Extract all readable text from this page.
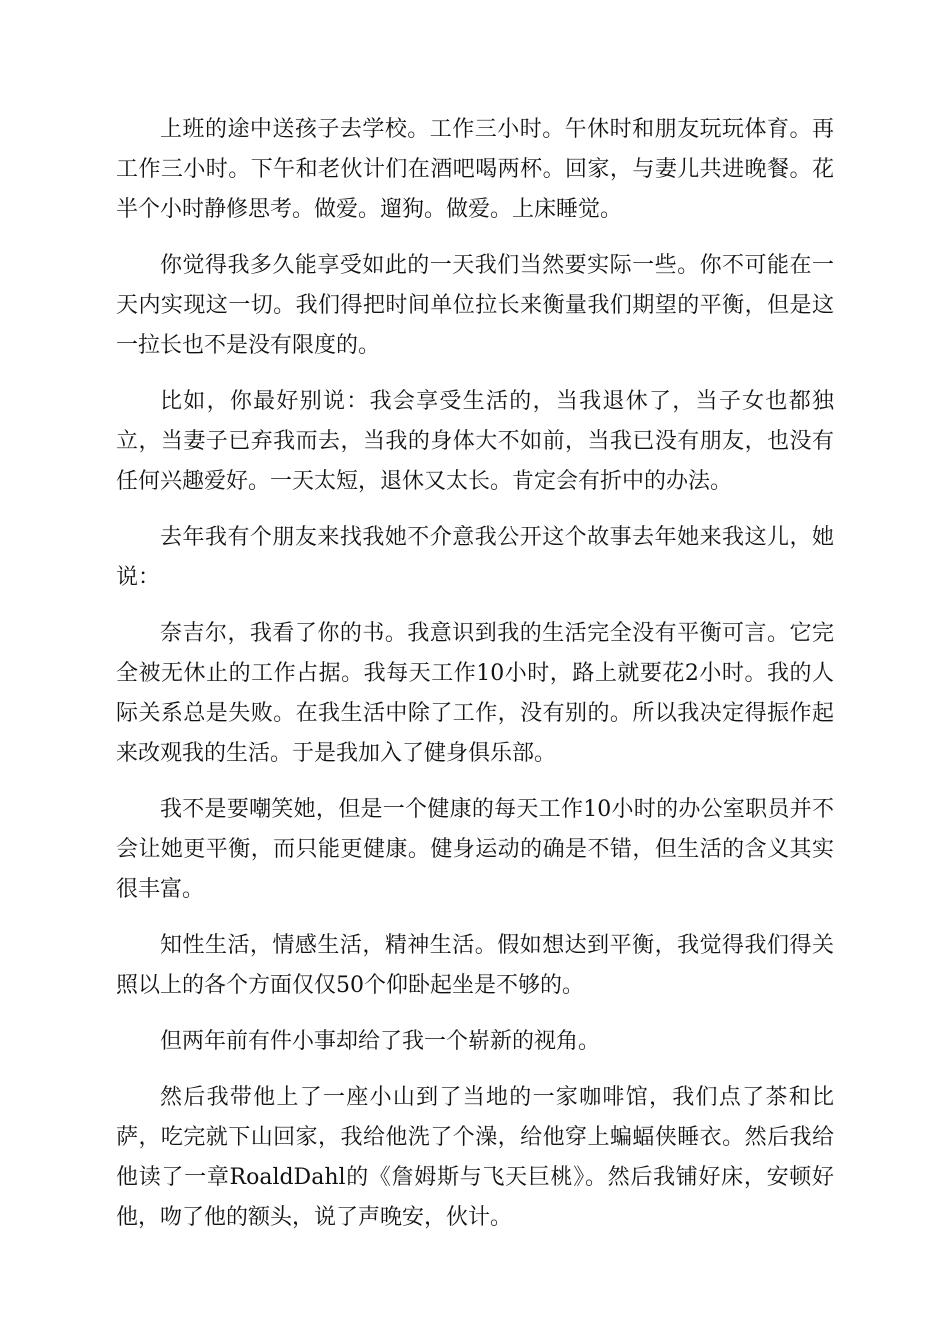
上班的途中送孩子去学校。工作三小时。午休时和朋友玩玩体育。再工作三小时。下午和老伙计们在酒吧喝两杯。回家，与妻儿共进晚餐。花半个小时静修思考。做爱。遛狗。做爱。上床睡觉。

你觉得我多久能享受如此的一天我们当然要实际一些。你不可能在一天内实现这一切。我们得把时间单位拉长来衡量我们期望的平衡，但是这一拉长也不是没有限度的。

比如，你最好别说：我会享受生活的，当我退休了，当子女也都独立，当妻子已弃我而去，当我的身体大不如前，当我已没有朋友，也没有任何兴趣爱好。一天太短，退休又太长。肯定会有折中的办法。

去年我有个朋友来找我她不介意我公开这个故事去年她来我这儿，她说：

奈吉尔，我看了你的书。我意识到我的生活完全没有平衡可言。它完全被无休止的工作占据。我每天工作10小时，路上就要花2小时。我的人际关系总是失败。在我生活中除了工作，没有别的。所以我决定得振作起来改观我的生活。于是我加入了健身俱乐部。

我不是要嘲笑她，但是一个健康的每天工作10小时的办公室职员并不会让她更平衡，而只能更健康。健身运动的确是不错，但生活的含义其实很丰富。

知性生活，情感生活，精神生活。假如想达到平衡，我觉得我们得关照以上的各个方面仅仅50个仰卧起坐是不够的。

但两年前有件小事却给了我一个崭新的视角。

然后我带他上了一座小山到了当地的一家咖啡馆，我们点了茶和比萨，吃完就下山回家，我给他洗了个澡，给他穿上蝙蝠侠睡衣。然后我给他读了一章RoaldDahl的《詹姆斯与飞天巨桃》。然后我铺好床，安顿好他，吻了他的额头，说了声晚安，伙计。
